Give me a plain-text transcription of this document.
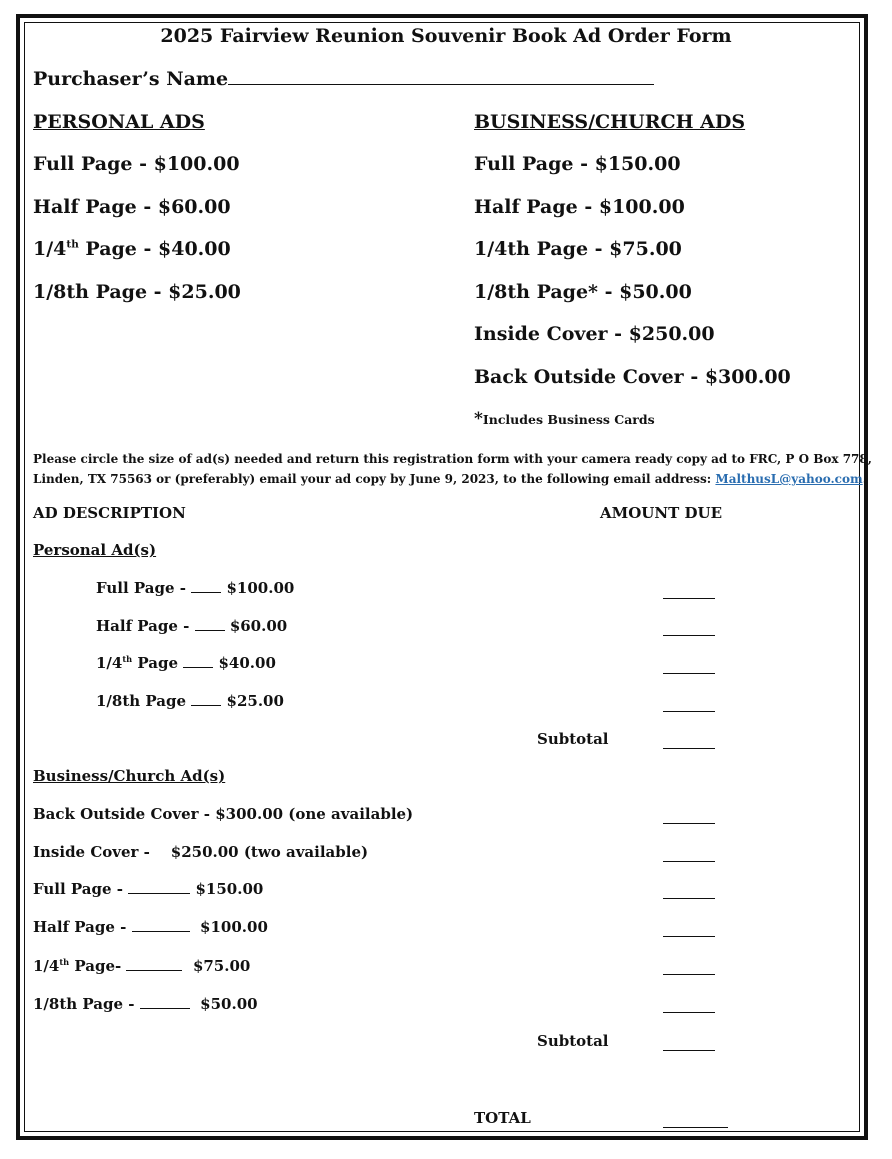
2025 Fairview Reunion Souvenir Book Ad Order Form
Purchaser’s Name
PERSONAL ADS
Full Page - $100.00
Half Page - $60.00
1/4th Page - $40.00
1/8th Page - $25.00
BUSINESS/CHURCH ADS
Full Page - $150.00
Half Page - $100.00
1/4th Page - $75.00
1/8th Page* - $50.00
Inside Cover - $250.00
Back Outside Cover - $300.00
*Includes Business Cards
Please circle the size of ad(s) needed and return this registration form with your camera ready copy ad to FRC, P O Box 778,
Linden, TX 75563 or (preferably) email your ad copy by June 9, 2023, to the following email address: MalthusL@yahoo.com.
AD DESCRIPTION	AMOUNT DUE
Personal Ad(s)
Full Page -	$100.00
Half Page -	$60.00
1/4th Page	$40.00
1/8th Page	$25.00
Subtotal
Business/Church Ad(s)
Back Outside Cover - $300.00 (one available)
Inside Cover -    $250.00 (two available)
Full Page -	$150.00
Half Page -	$100.00
1/4th Page-	$75.00
1/8th Page -	$50.00
Subtotal
TOTAL
